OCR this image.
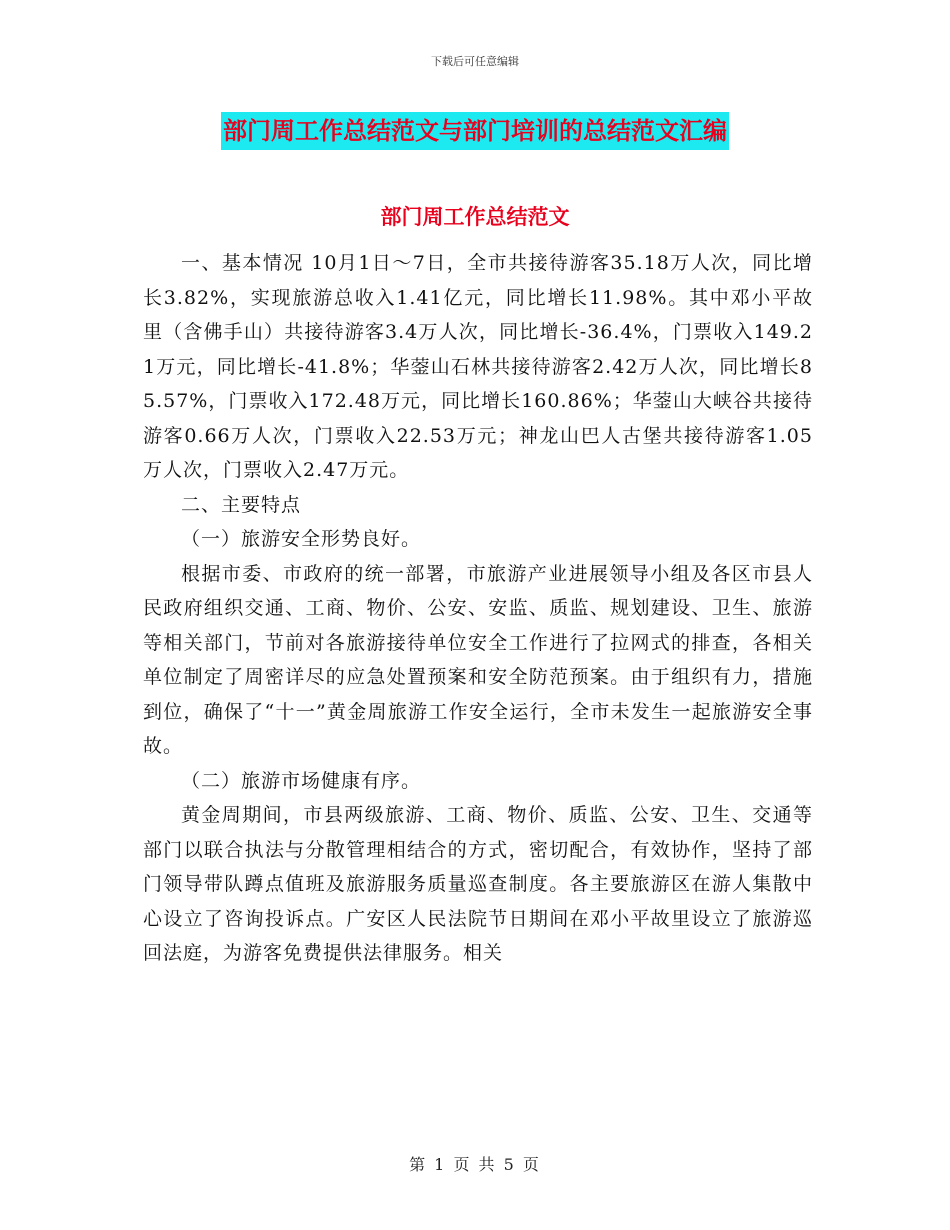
下载后可任意编辑
部门周工作总结范文与部门培训的总结范文汇编
部门周工作总结范文

一、基本情况 10月1日～7日，全市共接待游客35.18万人次，同比增长3.82%，实现旅游总收入1.41亿元，同比增长11.98%。其中邓小平故里（含佛手山）共接待游客3.4万人次，同比增长-36.4%，门票收入149.21万元，同比增长-41.8%；华蓥山石林共接待游客2.42万人次，同比增长85.57%，门票收入172.48万元，同比增长160.86%；华蓥山大峡谷共接待游客0.66万人次，门票收入22.53万元；神龙山巴人古堡共接待游客1.05万人次，门票收入2.47万元。

二、主要特点

（一）旅游安全形势良好。

根据市委、市政府的统一部署，市旅游产业进展领导小组及各区市县人民政府组织交通、工商、物价、公安、安监、质监、规划建设、卫生、旅游等相关部门，节前对各旅游接待单位安全工作进行了拉网式的排查，各相关单位制定了周密详尽的应急处置预案和安全防范预案。由于组织有力，措施到位，确保了“十一”黄金周旅游工作安全运行，全市未发生一起旅游安全事故。

（二）旅游市场健康有序。

黄金周期间，市县两级旅游、工商、物价、质监、公安、卫生、交通等部门以联合执法与分散管理相结合的方式，密切配合，有效协作，坚持了部门领导带队蹲点值班及旅游服务质量巡查制度。各主要旅游区在游人集散中心设立了咨询投诉点。广安区人民法院节日期间在邓小平故里设立了旅游巡回法庭，为游客免费提供法律服务。相关

第 1 页 共 5 页
